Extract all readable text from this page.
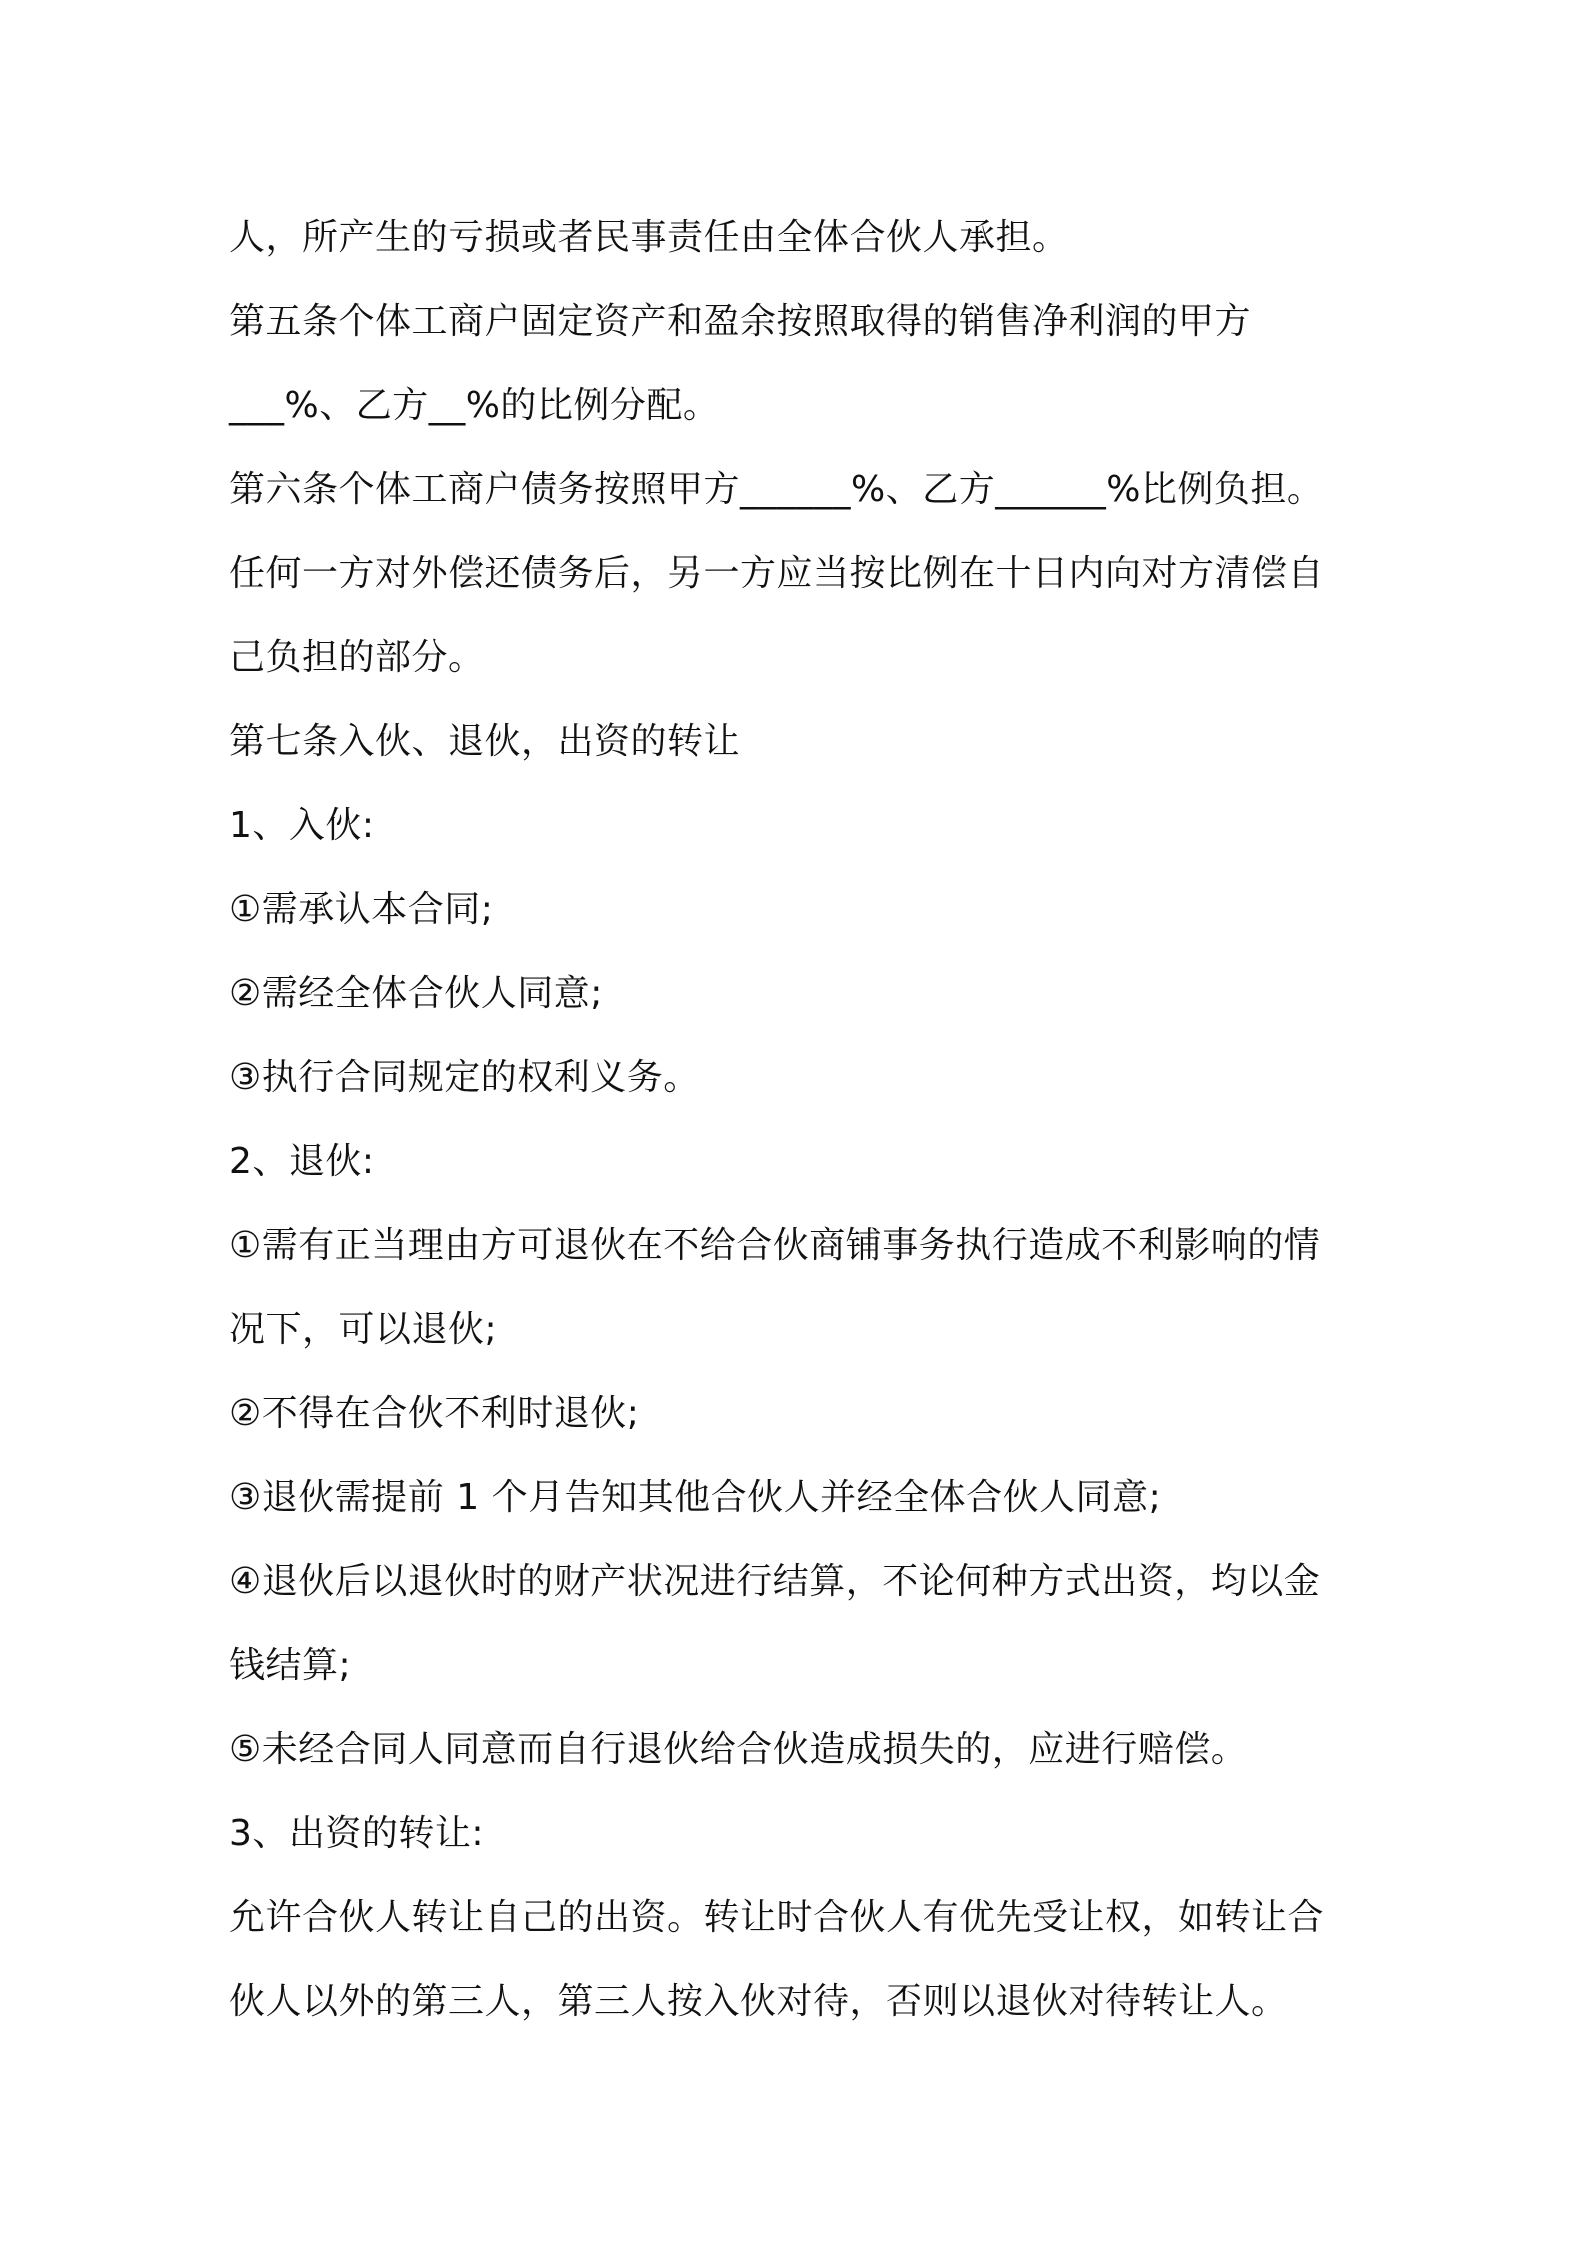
人，所产生的亏损或者民事责任由全体合伙人承担。
第五条个体工商户固定资产和盈余按照取得的销售净利润的甲方
___%、乙方__%的比例分配。
第六条个体工商户债务按照甲方______%、乙方______%比例负担。
任何一方对外偿还债务后，另一方应当按比例在十日内向对方清偿自
己负担的部分。
第七条入伙、退伙，出资的转让
1、入伙:
①需承认本合同;
②需经全体合伙人同意;
③执行合同规定的权利义务。
2、退伙:
①需有正当理由方可退伙在不给合伙商铺事务执行造成不利影响的情
况下，可以退伙;
②不得在合伙不利时退伙;
③退伙需提前 1 个月告知其他合伙人并经全体合伙人同意;
④退伙后以退伙时的财产状况进行结算，不论何种方式出资，均以金
钱结算;
⑤未经合同人同意而自行退伙给合伙造成损失的，应进行赔偿。
3、出资的转让:
允许合伙人转让自己的出资。转让时合伙人有优先受让权，如转让合
伙人以外的第三人，第三人按入伙对待，否则以退伙对待转让人。
